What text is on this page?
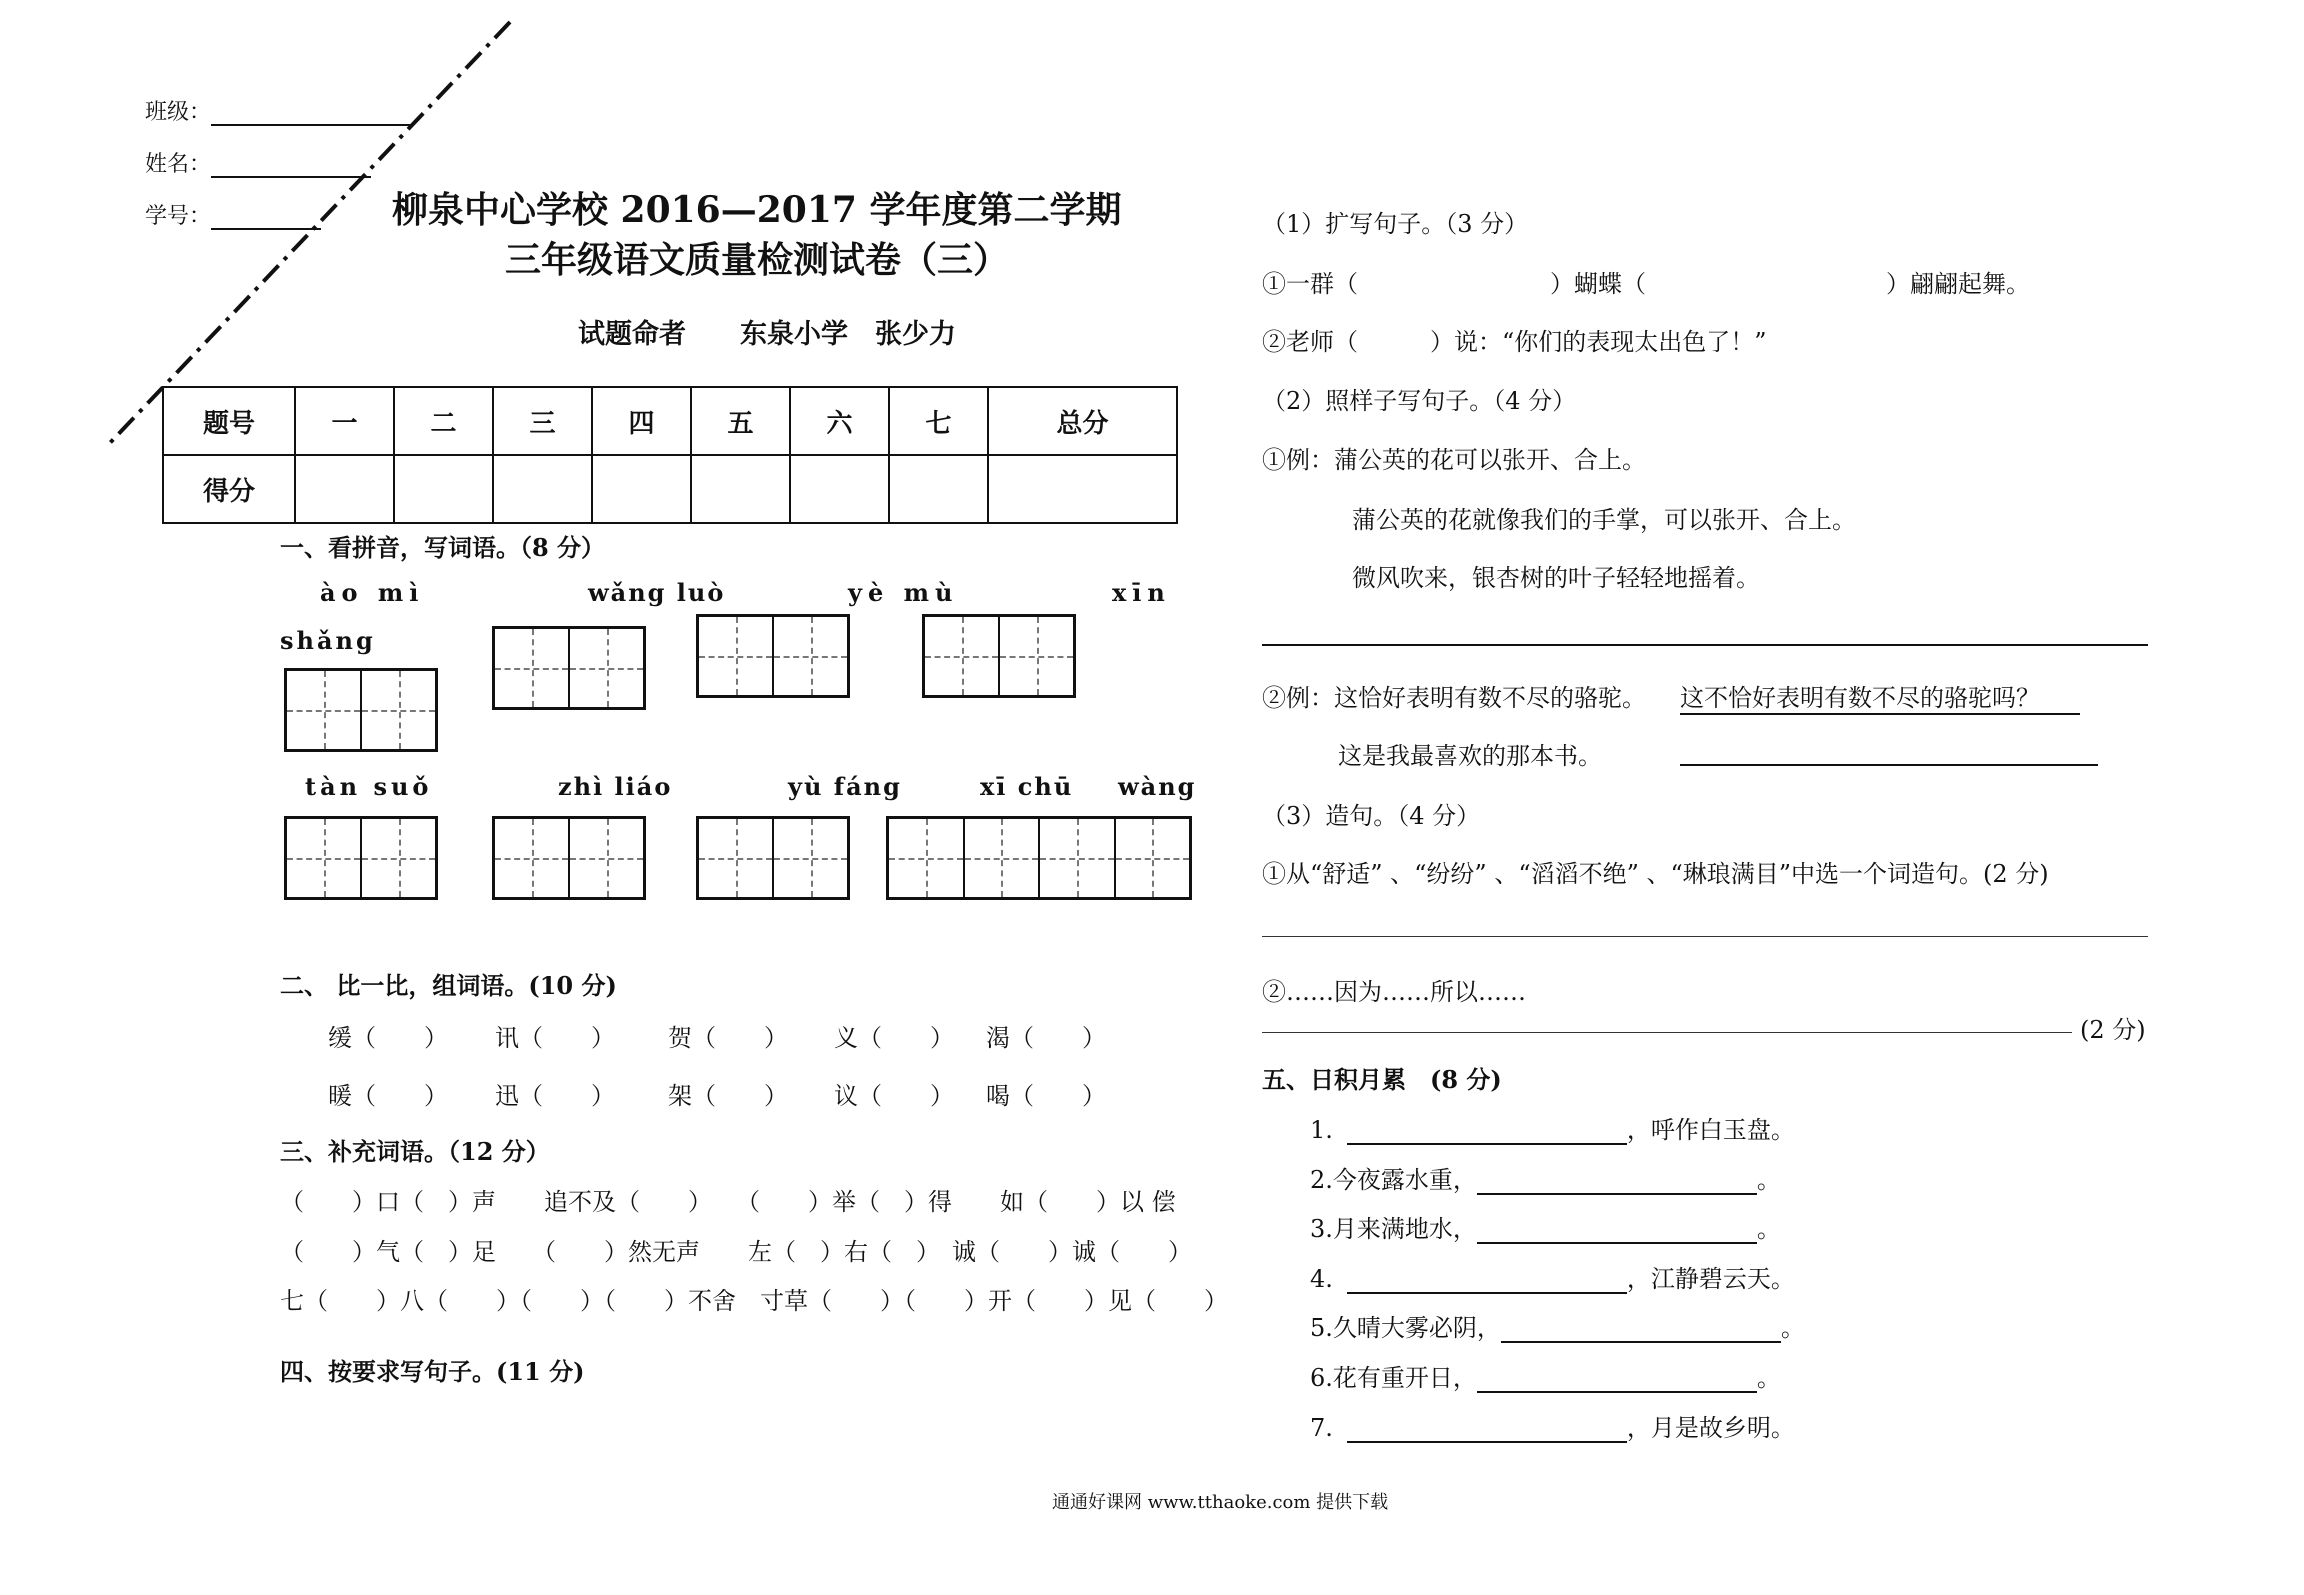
班级：
姓名：
学号：	柳泉中心学校 2016—2017 学年度第二学期
三年级语文质量检测试卷（三）
试题命者　　东泉小学　张少力
题号	一	二	三	四	五	六	七	总分
得分								
一、看拼音，写词语。（8 分）
ào mì	wǎng luò	yè mù	xīn
shǎng
tàn suǒ	zhì liáo	yù fáng	xī chū wàng
二、 比一比，组词语。(10 分)
缓（　　） 讯（　　） 贺（　　） 义（　　） 渴（　　）
暖（　　） 迅（　　） 架（　　） 议（　　） 喝（　　）
三、补充词语。（12 分）
（　　）口（　）声　　追不及（　　）　　（　　）举（　）得　　如（　　）以 偿
（　　）气（　）足　　（　　）然无声　　左（　）右（　）　诚（　　）诚（　　）
七（　　）八（　　）（　　）（　　）不舍　寸草（　　）（　　）开（　　）见（　　）
四、按要求写句子。(11 分)
（1）扩写句子。（3 分）
①一群（　　　　　　　　）蝴蝶（　　　　　　　　　　）翩翩起舞。
②老师（　　　）说：“你们的表现太出色了！”
（2）照样子写句子。（4 分）
①例：蒲公英的花可以张开、合上。
蒲公英的花就像我们的手掌，可以张开、合上。
微风吹来，银杏树的叶子轻轻地摇着。
②例：这恰好表明有数不尽的骆驼。 这不恰好表明有数不尽的骆驼吗？
这是我最喜欢的那本书。
（3）造句。（4 分）
①从“舒适” 、“纷纷” 、“滔滔不绝” 、“琳琅满目”中选一个词造句。(2 分)
②……因为……所以……
(2 分)
五、日积月累　(8 分)
1.	，呼作白玉盘。
2.今夜露水重，	。
3.月来满地水，	。
4.	，江静碧云天。
5.久晴大雾必阴，	。
6.花有重开日，	。
7.	，月是故乡明。
通通好课网 www.tthaoke.com 提供下载
